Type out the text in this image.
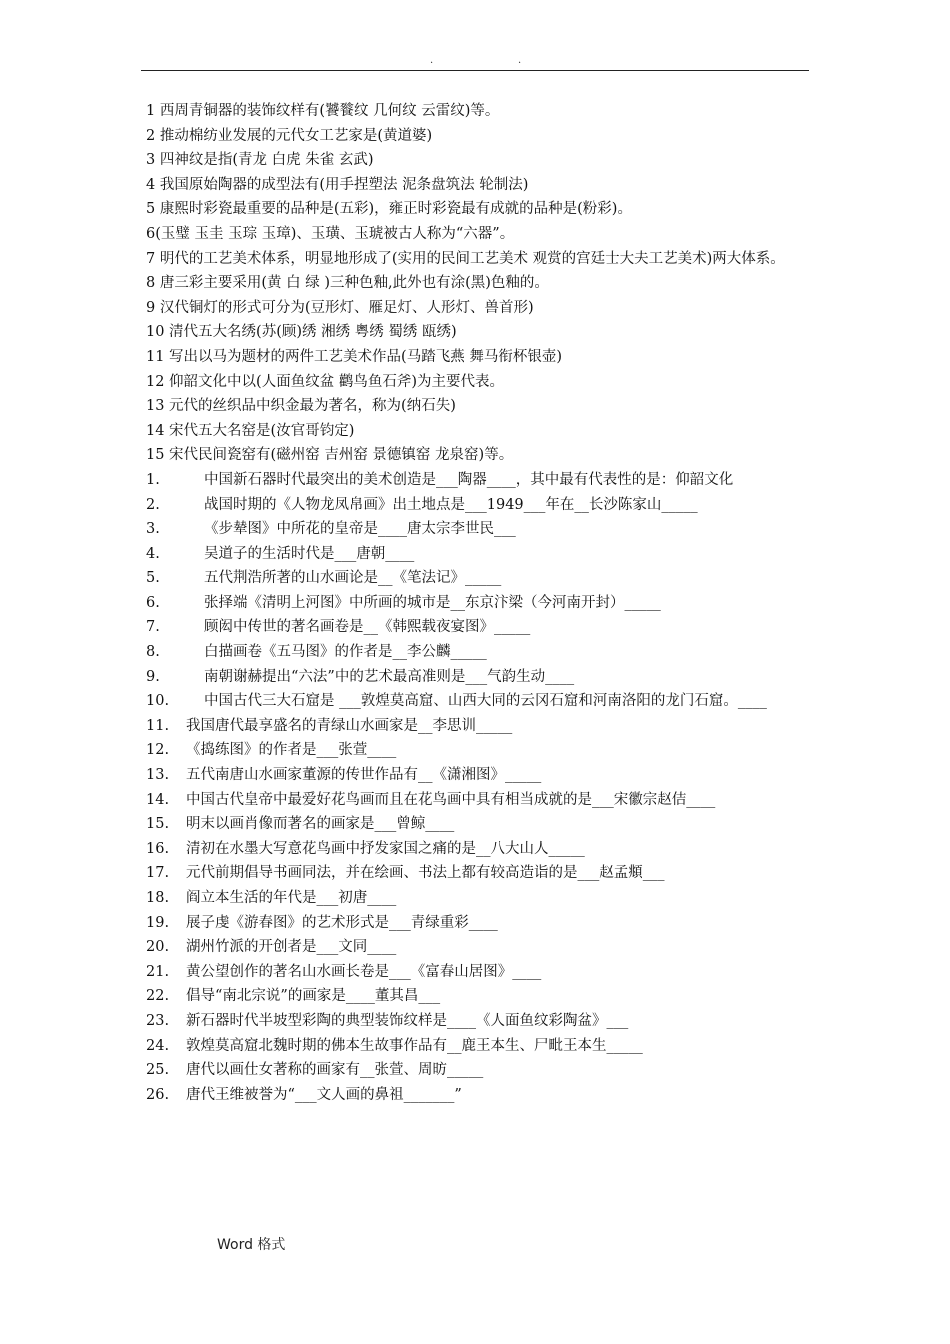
.	.
1 西周青铜器的装饰纹样有(饕餮纹 几何纹 云雷纹)等。
2 推动棉纺业发展的元代女工艺家是(黄道婆)
3 四神纹是指(青龙 白虎 朱雀 玄武)
4 我国原始陶器的成型法有(用手捏塑法 泥条盘筑法 轮制法)
5 康熙时彩瓷最重要的品种是(五彩)，雍正时彩瓷最有成就的品种是(粉彩)。
6(玉璧 玉圭 玉琮 玉璋)、玉璜、玉琥被古人称为“六器”。
7 明代的工艺美术体系，明显地形成了(实用的民间工艺美术 观赏的宫廷士大夫工艺美术)两大体系。
8 唐三彩主要采用(黄 白 绿 )三种色釉,此外也有涂(黑)色釉的。
9 汉代铜灯的形式可分为(豆形灯、雁足灯、人形灯、兽首形)
10 清代五大名绣(苏(顾)绣 湘绣 粤绣 蜀绣 瓯绣)
11 写出以马为题材的两件工艺美术作品(马踏飞燕 舞马衔杯银壶)
12 仰韶文化中以(人面鱼纹盆 鹳鸟鱼石斧)为主要代表。
13 元代的丝织品中织金最为著名，称为(纳石失)
14 宋代五大名窑是(汝官哥钧定)
15 宋代民间瓷窑有(磁州窑 吉州窑 景德镇窑 龙泉窑)等。
1.	中国新石器时代最突出的美术创造是___陶器____，其中最有代表性的是：仰韶文化
2.	战国时期的《人物龙凤帛画》出土地点是___1949___年在__长沙陈家山_____
3.	《步辇图》中所花的皇帝是____唐太宗李世民___
4.	吴道子的生活时代是___唐朝____
5.	五代荆浩所著的山水画论是__《笔法记》_____
6.	张择端《清明上河图》中所画的城市是__东京汴梁（今河南开封）_____
7.	顾闳中传世的著名画卷是__《韩熙载夜宴图》_____
8.	白描画卷《五马图》的作者是__李公麟_____
9.	南朝谢赫提出“六法”中的艺术最高准则是___气韵生动____
10.	中国古代三大石窟是 ___敦煌莫高窟、山西大同的云冈石窟和河南洛阳的龙门石窟。____
11.	我国唐代最享盛名的青绿山水画家是__李思训_____
12.	《捣练图》的作者是___张萱____
13.	五代南唐山水画家董源的传世作品有__《潇湘图》_____
14.	中国古代皇帝中最爱好花鸟画而且在花鸟画中具有相当成就的是___宋徽宗赵佶____
15.	明末以画肖像而著名的画家是___曾鲸____
16.	清初在水墨大写意花鸟画中抒发家国之痛的是__八大山人_____
17.	元代前期倡导书画同法，并在绘画、书法上都有较高造诣的是___赵孟頫___
18.	阎立本生活的年代是___初唐____
19.	展子虔《游春图》的艺术形式是___青绿重彩____
20.	湖州竹派的开创者是___文同____
21.	黄公望创作的著名山水画长卷是___《富春山居图》____
22.	倡导“南北宗说”的画家是____董其昌___
23.	新石器时代半坡型彩陶的典型装饰纹样是____《人面鱼纹彩陶盆》___
24.	敦煌莫高窟北魏时期的佛本生故事作品有__鹿王本生、尸毗王本生_____
25.	唐代以画仕女著称的画家有__张萱、周昉_____
26.	唐代王维被誉为“___文人画的鼻祖_______”
Word 格式
